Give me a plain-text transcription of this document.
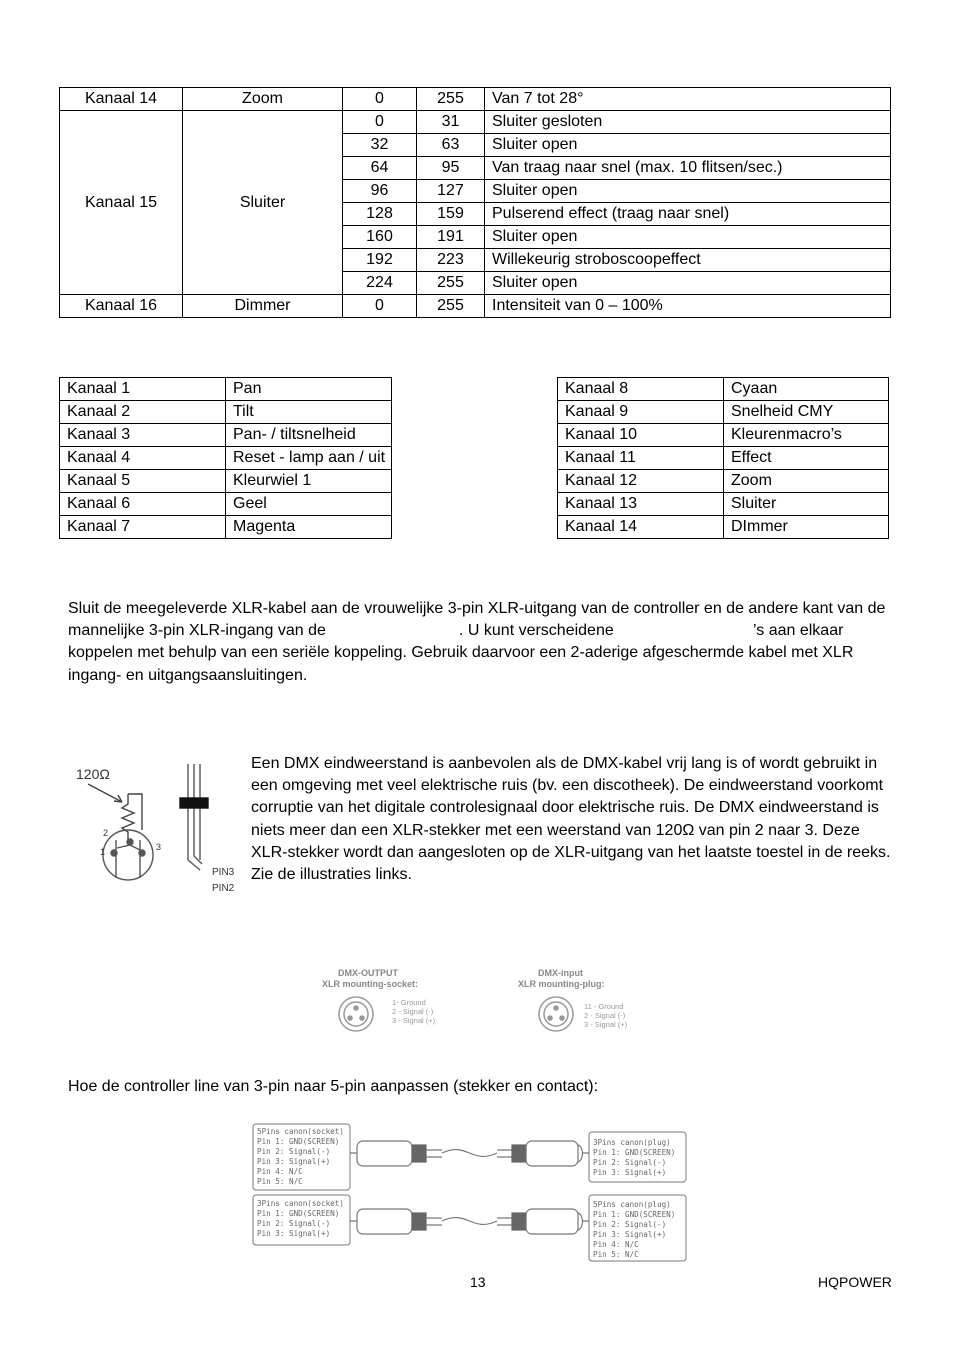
Kanaal 14	Zoom	0	255	Van 7 tot 28°
Kanaal 15	Sluiter	0	31	Sluiter gesloten
		32	63	Sluiter open
		64	95	Van traag naar snel (max. 10 flitsen/sec.)
		96	127	Sluiter open
		128	159	Pulserend effect (traag naar snel)
		160	191	Sluiter open
		192	223	Willekeurig stroboscoopeffect
		224	255	Sluiter open
Kanaal 16	Dimmer	0	255	Intensiteit van 0 – 100%
Kanaal 1	Pan
Kanaal 2	Tilt
Kanaal 3	Pan- / tiltsnelheid
Kanaal 4	Reset - lamp aan / uit
Kanaal 5	Kleurwiel 1
Kanaal 6	Geel
Kanaal 7	Magenta
Kanaal 8	Cyaan
Kanaal 9	Snelheid CMY
Kanaal 10	Kleurenmacro’s
Kanaal 11	Effect
Kanaal 12	Zoom
Kanaal 13	Sluiter
Kanaal 14	DImmer
Sluit de meegeleverde XLR-kabel aan de vrouwelijke 3-pin XLR-uitgang van de controller en de andere kant van de
mannelijke 3-pin XLR-ingang van de	. U kunt verscheidene	’s aan elkaar
koppelen met behulp van een seriële koppeling. Gebruik daarvoor een 2-aderige afgeschermde kabel met XLR
ingang- en uitgangsaansluitingen.
120Ω
1
2
3
PIN3
PIN2
Een DMX eindweerstand is aanbevolen als de DMX-kabel vrij lang is of wordt gebruikt in
een omgeving met veel elektrische ruis (bv. een discotheek). De eindweerstand voorkomt
corruptie van het digitale controlesignaal door elektrische ruis. De DMX eindweerstand is
niets meer dan een XLR-stekker met een weerstand van 120Ω van pin 2 naar 3. Deze
XLR-stekker wordt dan aangesloten op de XLR-uitgang van het laatste toestel in de reeks.
Zie de illustraties links.
DMX-OUTPUT
XLR mounting-socket:
DMX-input
XLR mounting-plug:
1- Ground
2 - Signal (-)
3 - Signal (+)
11 - Ground
2 - Signal (-)
3 - Signal (+)
Hoe de controller line van 3-pin naar 5-pin aanpassen (stekker en contact):
5Pins canon(socket)
Pin 1: GND(SCREEN)
Pin 2: Signal(-)
Pin 3: Signal(+)
Pin 4: N/C
Pin 5: N/C
3Pins canon(plug)
Pin 1: GND(SCREEN)
Pin 2: Signal(-)
Pin 3: Signal(+)
3Pins canon(socket)
Pin 1: GND(SCREEN)
Pin 2: Signal(-)
Pin 3: Signal(+)
5Pins canon(plug)
Pin 1: GND(SCREEN)
Pin 2: Signal(-)
Pin 3: Signal(+)
Pin 4: N/C
Pin 5: N/C
13	HQPOWER
